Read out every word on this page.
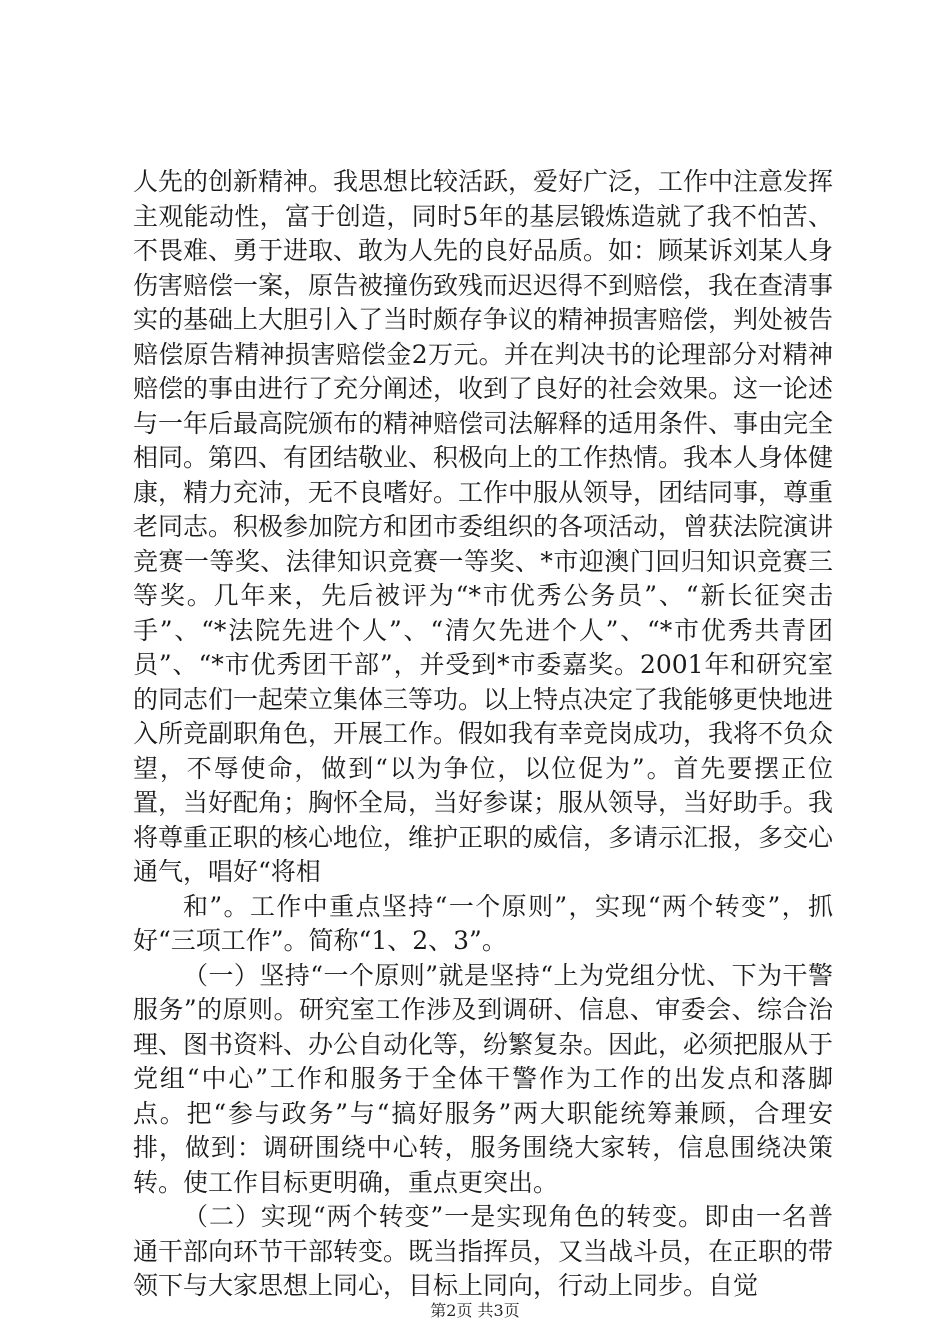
人先的创新精神。我思想比较活跃，爱好广泛，工作中注意发挥主观能动性，富于创造，同时5年的基层锻炼造就了我不怕苦、不畏难、勇于进取、敢为人先的良好品质。如：顾某诉刘某人身伤害赔偿一案，原告被撞伤致残而迟迟得不到赔偿，我在查清事实的基础上大胆引入了当时颇存争议的精神损害赔偿，判处被告赔偿原告精神损害赔偿金2万元。并在判决书的论理部分对精神赔偿的事由进行了充分阐述，收到了良好的社会效果。这一论述与一年后最高院颁布的精神赔偿司法解释的适用条件、事由完全相同。第四、有团结敬业、积极向上的工作热情。我本人身体健康，精力充沛，无不良嗜好。工作中服从领导，团结同事，尊重老同志。积极参加院方和团市委组织的各项活动，曾获法院演讲竞赛一等奖、法律知识竞赛一等奖、*市迎澳门回归知识竞赛三等奖。几年来，先后被评为“*市优秀公务员”、“新长征突击手”、“*法院先进个人”、“清欠先进个人”、“*市优秀共青团员”、“*市优秀团干部”，并受到*市委嘉奖。2001年和研究室的同志们一起荣立集体三等功。以上特点决定了我能够更快地进入所竞副职角色，开展工作。假如我有幸竞岗成功，我将不负众望，不辱使命，做到“以为争位，以位促为”。首先要摆正位置，当好配角；胸怀全局，当好参谋；服从领导，当好助手。我将尊重正职的核心地位，维护正职的威信，多请示汇报，多交心通气，唱好“将相

和”。工作中重点坚持“一个原则”，实现“两个转变”，抓好“三项工作”。简称“1、2、3”。

（一）坚持“一个原则”就是坚持“上为党组分忧、下为干警服务”的原则。研究室工作涉及到调研、信息、审委会、综合治理、图书资料、办公自动化等，纷繁复杂。因此，必须把服从于党组“中心”工作和服务于全体干警作为工作的出发点和落脚点。把“参与政务”与“搞好服务”两大职能统筹兼顾，合理安排，做到：调研围绕中心转，服务围绕大家转，信息围绕决策转。使工作目标更明确，重点更突出。

（二）实现“两个转变”一是实现角色的转变。即由一名普通干部向环节干部转变。既当指挥员，又当战斗员，在正职的带领下与大家思想上同心，目标上同向，行动上同步。自觉

第2页 共3页
